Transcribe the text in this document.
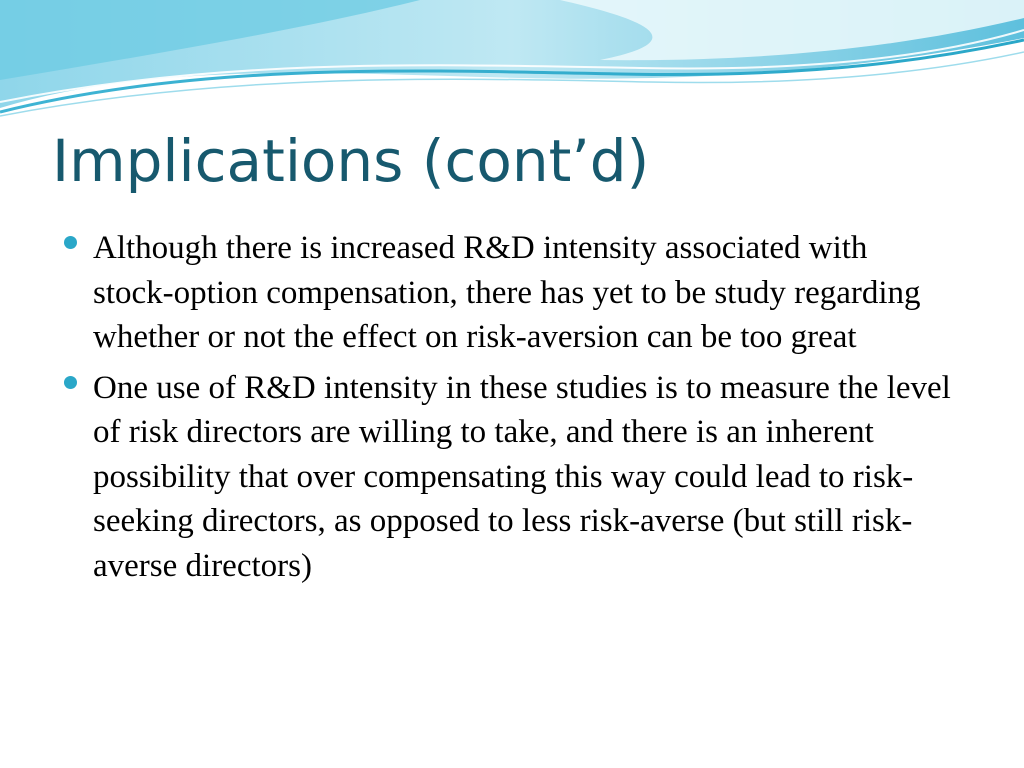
Implications (cont’d)
Although there is increased R&D intensity associated with stock-option compensation, there has yet to be study regarding whether or not the effect on risk-aversion can be too great
One use of R&D intensity in these studies is to measure the level of risk directors are willing to take, and there is an inherent possibility that over compensating this way could lead to risk-seeking directors, as opposed to less risk-averse (but still risk-averse directors)
